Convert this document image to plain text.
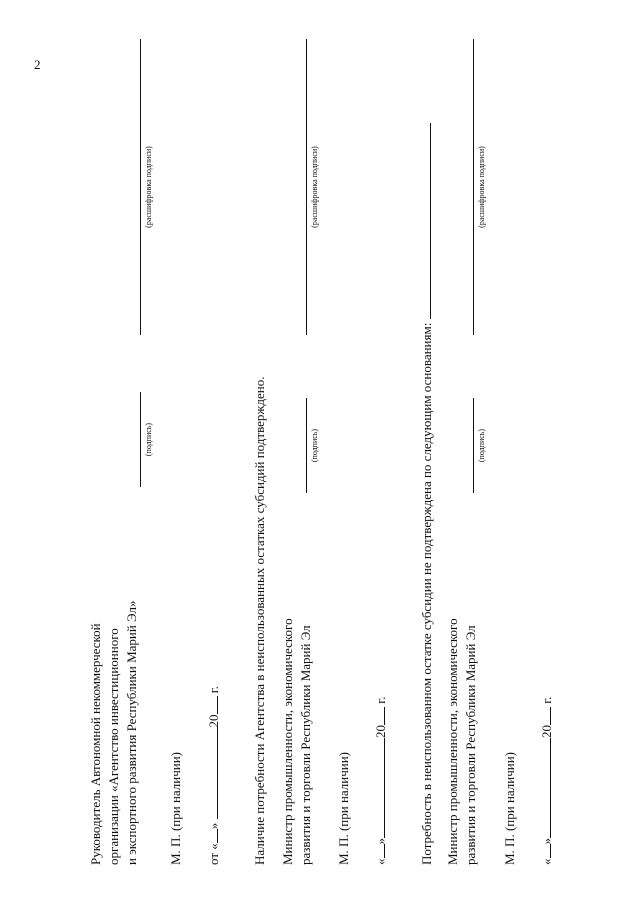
2
Руководитель Автономной некоммерческой организации «Агентство инвестиционного и экспортного развития Республики Марий Эл»
(подпись)
(расшифровка подписи)
М. П. (при наличии) от «» 20 г. Наличие потребности Агентства в неиспользованных остатках субсидий подтверждено. Министр промышленности, экономического развития и торговли Республики Марий Эл
(подпись)
(расшифровка подписи)
М. П. (при наличии) «»20 г. Потребность в неиспользованном остатке субсидии не подтверждена по следующим основаниям: Министр промышленности, экономического развития и торговли Республики Марий Эл
(подпись)
(расшифровка подписи)
М. П. (при наличии) «»20 г.
